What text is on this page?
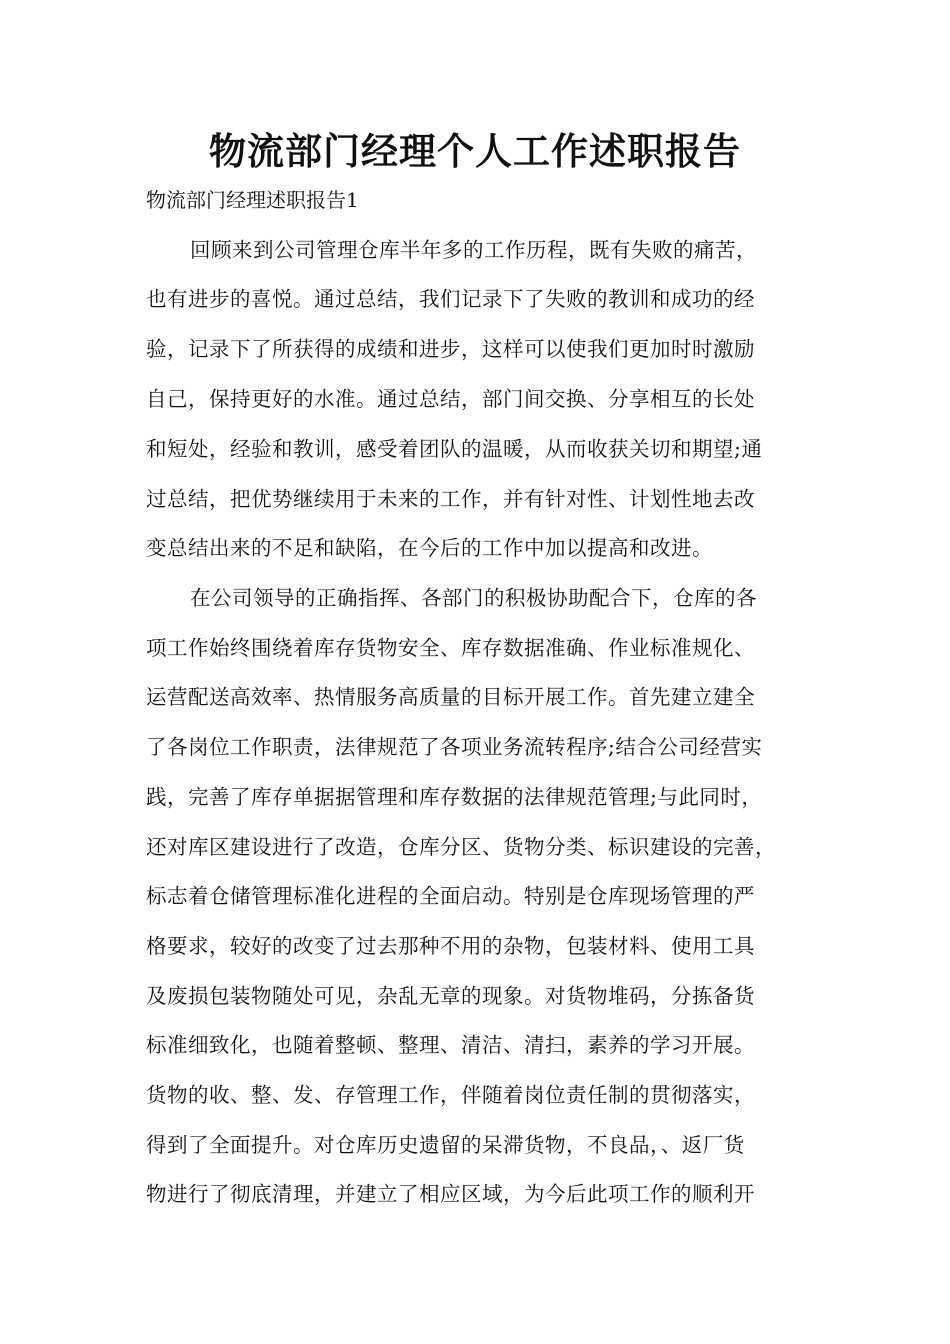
物流部门经理个人工作述职报告

物流部门经理述职报告1

回顾来到公司管理仓库半年多的工作历程，既有失败的痛苦，
也有进步的喜悦。通过总结，我们记录下了失败的教训和成功的经
验，记录下了所获得的成绩和进步，这样可以使我们更加时时激励
自己，保持更好的水准。通过总结，部门间交换、分享相互的长处
和短处，经验和教训，感受着团队的温暖，从而收获关切和期望;通
过总结，把优势继续用于未来的工作，并有针对性、计划性地去改
变总结出来的不足和缺陷，在今后的工作中加以提高和改进。
在公司领导的正确指挥、各部门的积极协助配合下，仓库的各
项工作始终围绕着库存货物安全、库存数据准确、作业标准规化、
运营配送高效率、热情服务高质量的目标开展工作。首先建立建全
了各岗位工作职责，法律规范了各项业务流转程序;结合公司经营实
践，完善了库存单据据管理和库存数据的法律规范管理;与此同时，
还对库区建设进行了改造，仓库分区、货物分类、标识建设的完善，
标志着仓储管理标准化进程的全面启动。特别是仓库现场管理的严
格要求，较好的改变了过去那种不用的杂物，包装材料、使用工具
及废损包装物随处可见，杂乱无章的现象。对货物堆码，分拣备货
标准细致化，也随着整顿、整理、清洁、清扫，素养的学习开展。
货物的收、整、发、存管理工作，伴随着岗位责任制的贯彻落实，
得到了全面提升。对仓库历史遗留的呆滞货物，不良品，、返厂货
物进行了彻底清理，并建立了相应区域，为今后此项工作的顺利开
